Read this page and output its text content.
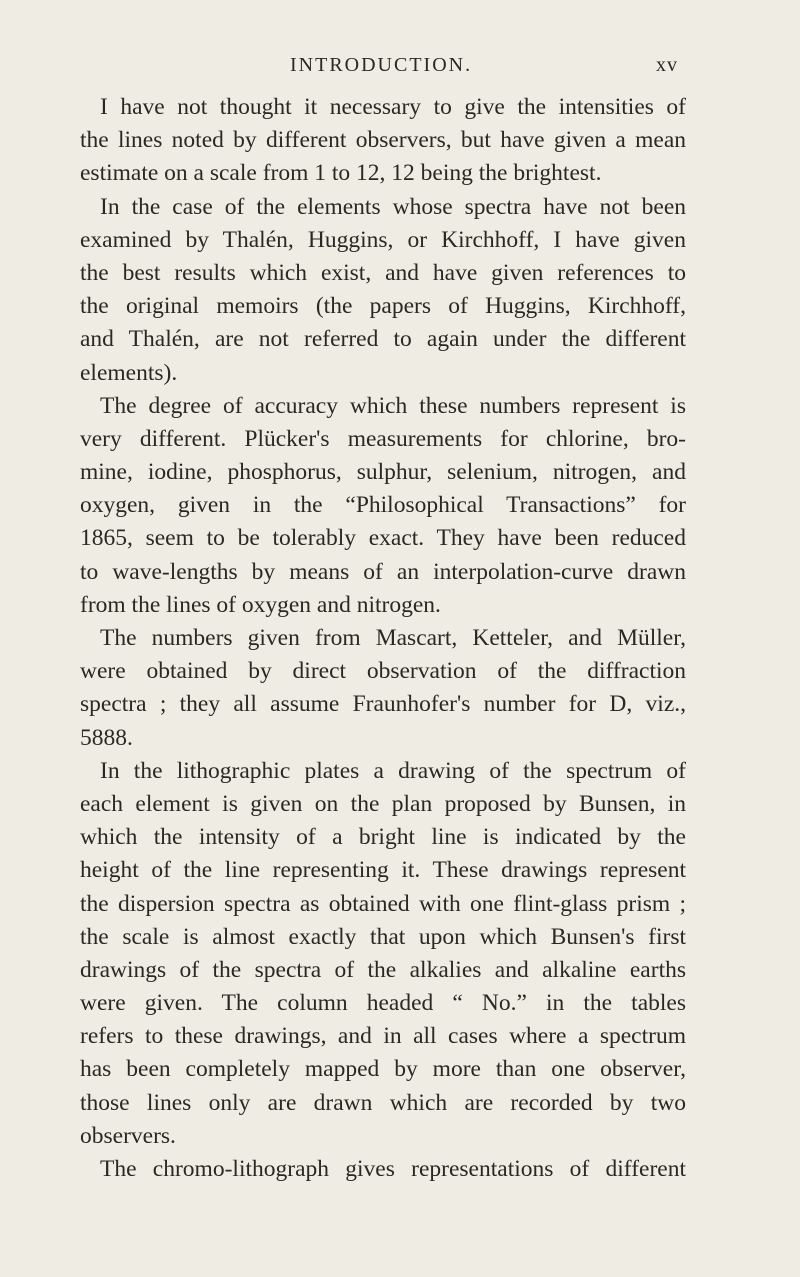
INTRODUCTION.	xv
I have not thought it necessary to give the intensities of
the lines noted by different observers, but have given a mean
estimate on a scale from 1 to 12, 12 being the brightest.
In the case of the elements whose spectra have not been
examined by Thalén, Huggins, or Kirchhoff, I have given
the best results which exist, and have given references to
the original memoirs (the papers of Huggins, Kirchhoff,
and Thalén, are not referred to again under the different
elements).
The degree of accuracy which these numbers represent is
very different. Plücker's measurements for chlorine, bro-
mine, iodine, phosphorus, sulphur, selenium, nitrogen, and
oxygen, given in the “Philosophical Transactions” for
1865, seem to be tolerably exact. They have been reduced
to wave-lengths by means of an interpolation-curve drawn
from the lines of oxygen and nitrogen.
The numbers given from Mascart, Ketteler, and Müller,
were obtained by direct observation of the diffraction
spectra ; they all assume Fraunhofer's number for D, viz.,
5888.
In the lithographic plates a drawing of the spectrum of
each element is given on the plan proposed by Bunsen, in
which the intensity of a bright line is indicated by the
height of the line representing it. These drawings represent
the dispersion spectra as obtained with one flint-glass prism ;
the scale is almost exactly that upon which Bunsen's first
drawings of the spectra of the alkalies and alkaline earths
were given. The column headed “ No.” in the tables
refers to these drawings, and in all cases where a spectrum
has been completely mapped by more than one observer,
those lines only are drawn which are recorded by two
observers.
The chromo-lithograph gives representations of different
